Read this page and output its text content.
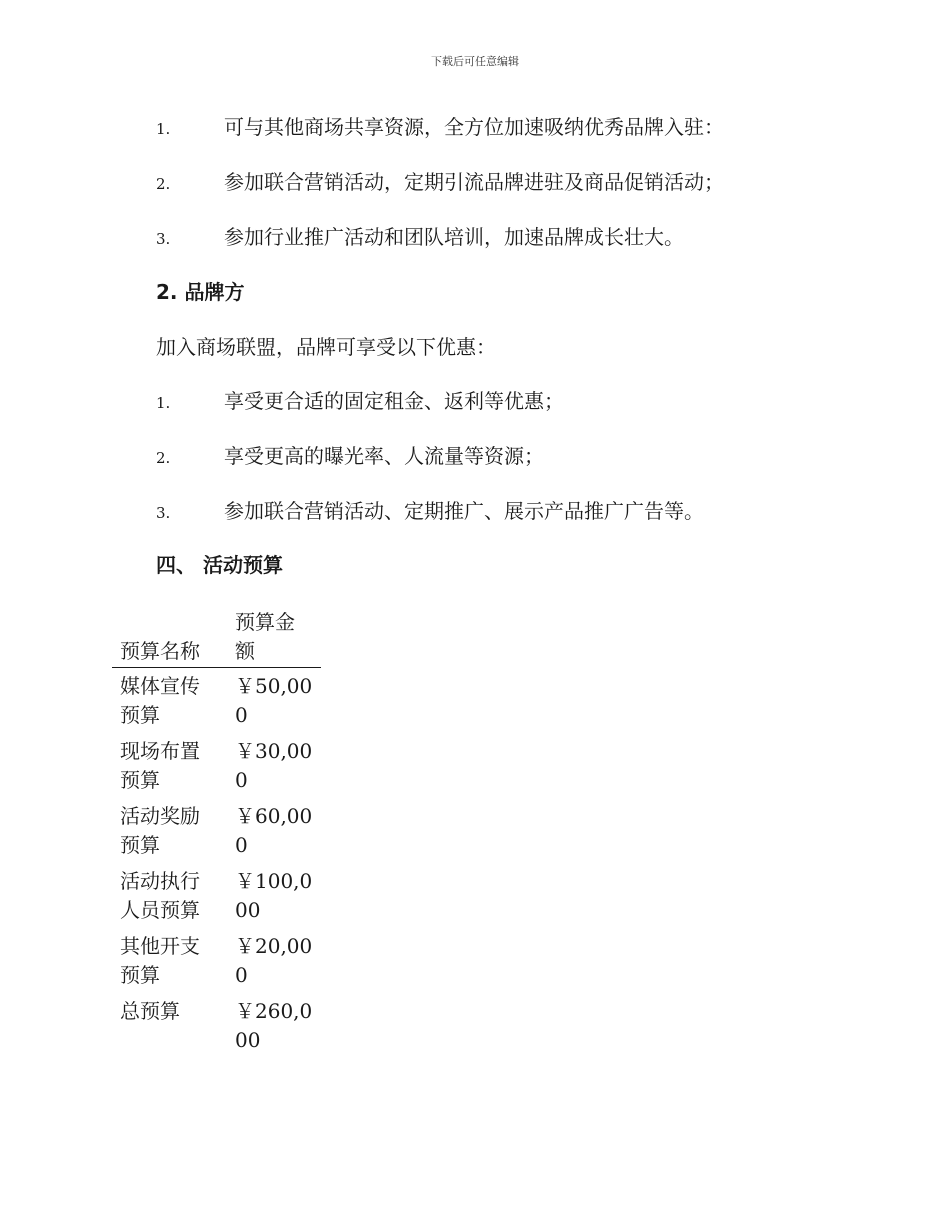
下载后可任意编辑
1.	可与其他商场共享资源，全方位加速吸纳优秀品牌入驻：
2.	参加联合营销活动，定期引流品牌进驻及商品促销活动；
3.	参加行业推广活动和团队培训，加速品牌成长壮大。
2. 品牌方
加入商场联盟，品牌可享受以下优惠：
1.	享受更合适的固定租金、返利等优惠；
2.	享受更高的曝光率、人流量等资源；
3.	参加联合营销活动、定期推广、展示产品推广广告等。
四、 活动预算
预算名称	预算金额

媒体宣传预算	￥50,000

现场布置预算	￥30,000

活动奖励预算	￥60,000

活动执行人员预算	￥100,000

其他开支预算	￥20,000

总预算	￥260,000
